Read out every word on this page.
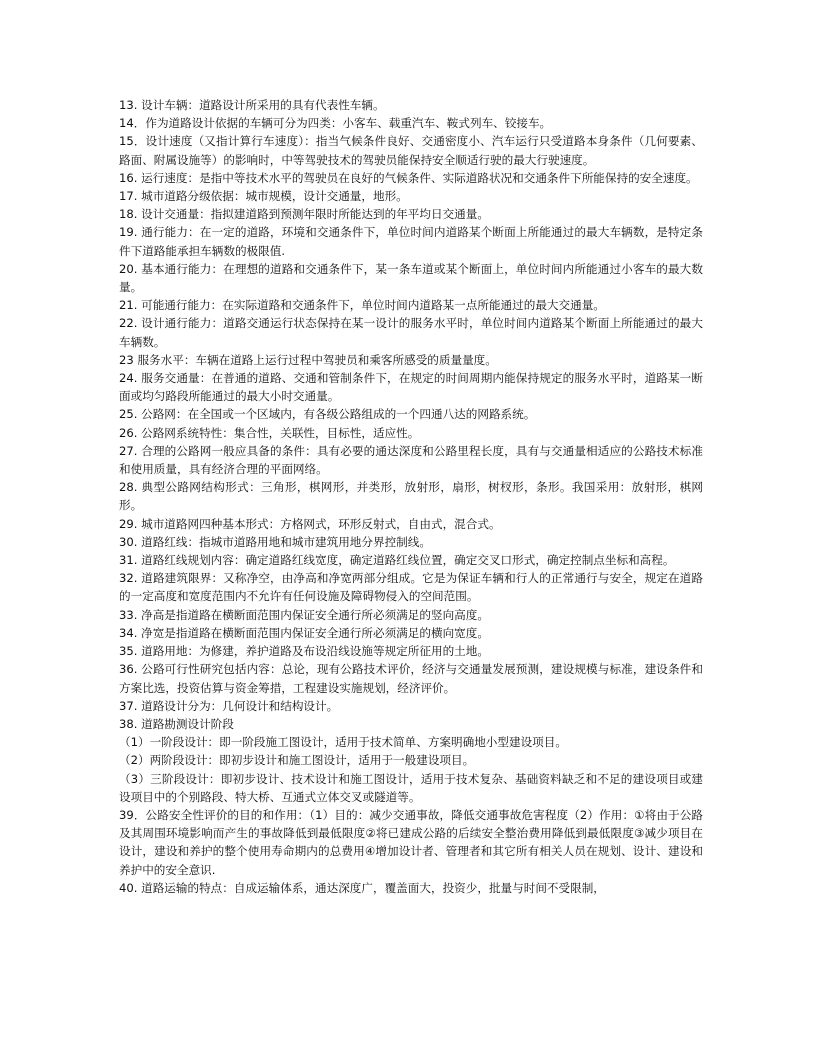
13. 设计车辆：道路设计所采用的具有代表性车辆。

14．作为道路设计依据的车辆可分为四类：小客车、载重汽车、鞍式列车、铰接车。

15．设计速度（又指计算行车速度）：指当气候条件良好、交通密度小、汽车运行只受道路本身条件（几何要素、路面、附属设施等）的影响时，中等驾驶技术的驾驶员能保持安全顺适行驶的最大行驶速度。

16. 运行速度：是指中等技术水平的驾驶员在良好的气候条件、实际道路状况和交通条件下所能保持的安全速度。

17. 城市道路分级依据：城市规模，设计交通量，地形。

18. 设计交通量：指拟建道路到预测年限时所能达到的年平均日交通量。

19. 通行能力：在一定的道路，环境和交通条件下，单位时间内道路某个断面上所能通过的最大车辆数，是特定条件下道路能承担车辆数的极限值.

20. 基本通行能力：在理想的道路和交通条件下，某一条车道或某个断面上，单位时间内所能通过小客车的最大数量。

21. 可能通行能力：在实际道路和交通条件下，单位时间内道路某一点所能通过的最大交通量。

22. 设计通行能力：道路交通运行状态保持在某一设计的服务水平时，单位时间内道路某个断面上所能通过的最大车辆数。

23 服务水平：车辆在道路上运行过程中驾驶员和乘客所感受的质量量度。

24. 服务交通量：在普通的道路、交通和管制条件下，在规定的时间周期内能保持规定的服务水平时，道路某一断面或均匀路段所能通过的最大小时交通量。

25. 公路网：在全国或一个区域内，有各级公路组成的一个四通八达的网路系统。

26. 公路网系统特性：集合性，关联性，目标性，适应性。

27. 合理的公路网一般应具备的条件：具有必要的通达深度和公路里程长度，具有与交通量相适应的公路技术标准和使用质量，具有经济合理的平面网络。

28. 典型公路网结构形式：三角形，棋网形，并类形，放射形，扇形，树杈形，条形。我国采用：放射形，棋网形。

29. 城市道路网四种基本形式：方格网式，环形反射式，自由式，混合式。

30. 道路红线：指城市道路用地和城市建筑用地分界控制线。

31. 道路红线规划内容：确定道路红线宽度，确定道路红线位置，确定交叉口形式，确定控制点坐标和高程。

32. 道路建筑限界：又称净空，由净高和净宽两部分组成。它是为保证车辆和行人的正常通行与安全，规定在道路的一定高度和宽度范围内不允许有任何设施及障碍物侵入的空间范围。

33. 净高是指道路在横断面范围内保证安全通行所必须满足的竖向高度。

34. 净宽是指道路在横断面范围内保证安全通行所必须满足的横向宽度。

35. 道路用地：为修建，养护道路及布设沿线设施等规定所征用的土地。

36. 公路可行性研究包括内容：总论，现有公路技术评价，经济与交通量发展预测，建设规模与标准，建设条件和方案比选，投资估算与资金筹措，工程建设实施规划，经济评价。

37. 道路设计分为：几何设计和结构设计。

38. 道路勘测设计阶段

（1）一阶段设计：即一阶段施工图设计，适用于技术简单、方案明确地小型建设项目。

（2）两阶段设计：即初步设计和施工图设计，适用于一般建设项目。

（3）三阶段设计：即初步设计、技术设计和施工图设计，适用于技术复杂、基础资料缺乏和不足的建设项目或建设项目中的个别路段、特大桥、互通式立体交叉或隧道等。

39．公路安全性评价的目的和作用：（1）目的：减少交通事故，降低交通事故危害程度（2）作用：①将由于公路及其周围环境影响而产生的事故降低到最低限度②将已建成公路的后续安全整治费用降低到最低限度③减少项目在设计，建设和养护的整个使用寿命期内的总费用④增加设计者、管理者和其它所有相关人员在规划、设计、建设和养护中的安全意识.

40. 道路运输的特点：自成运输体系，通达深度广，覆盖面大，投资少，批量与时间不受限制，
